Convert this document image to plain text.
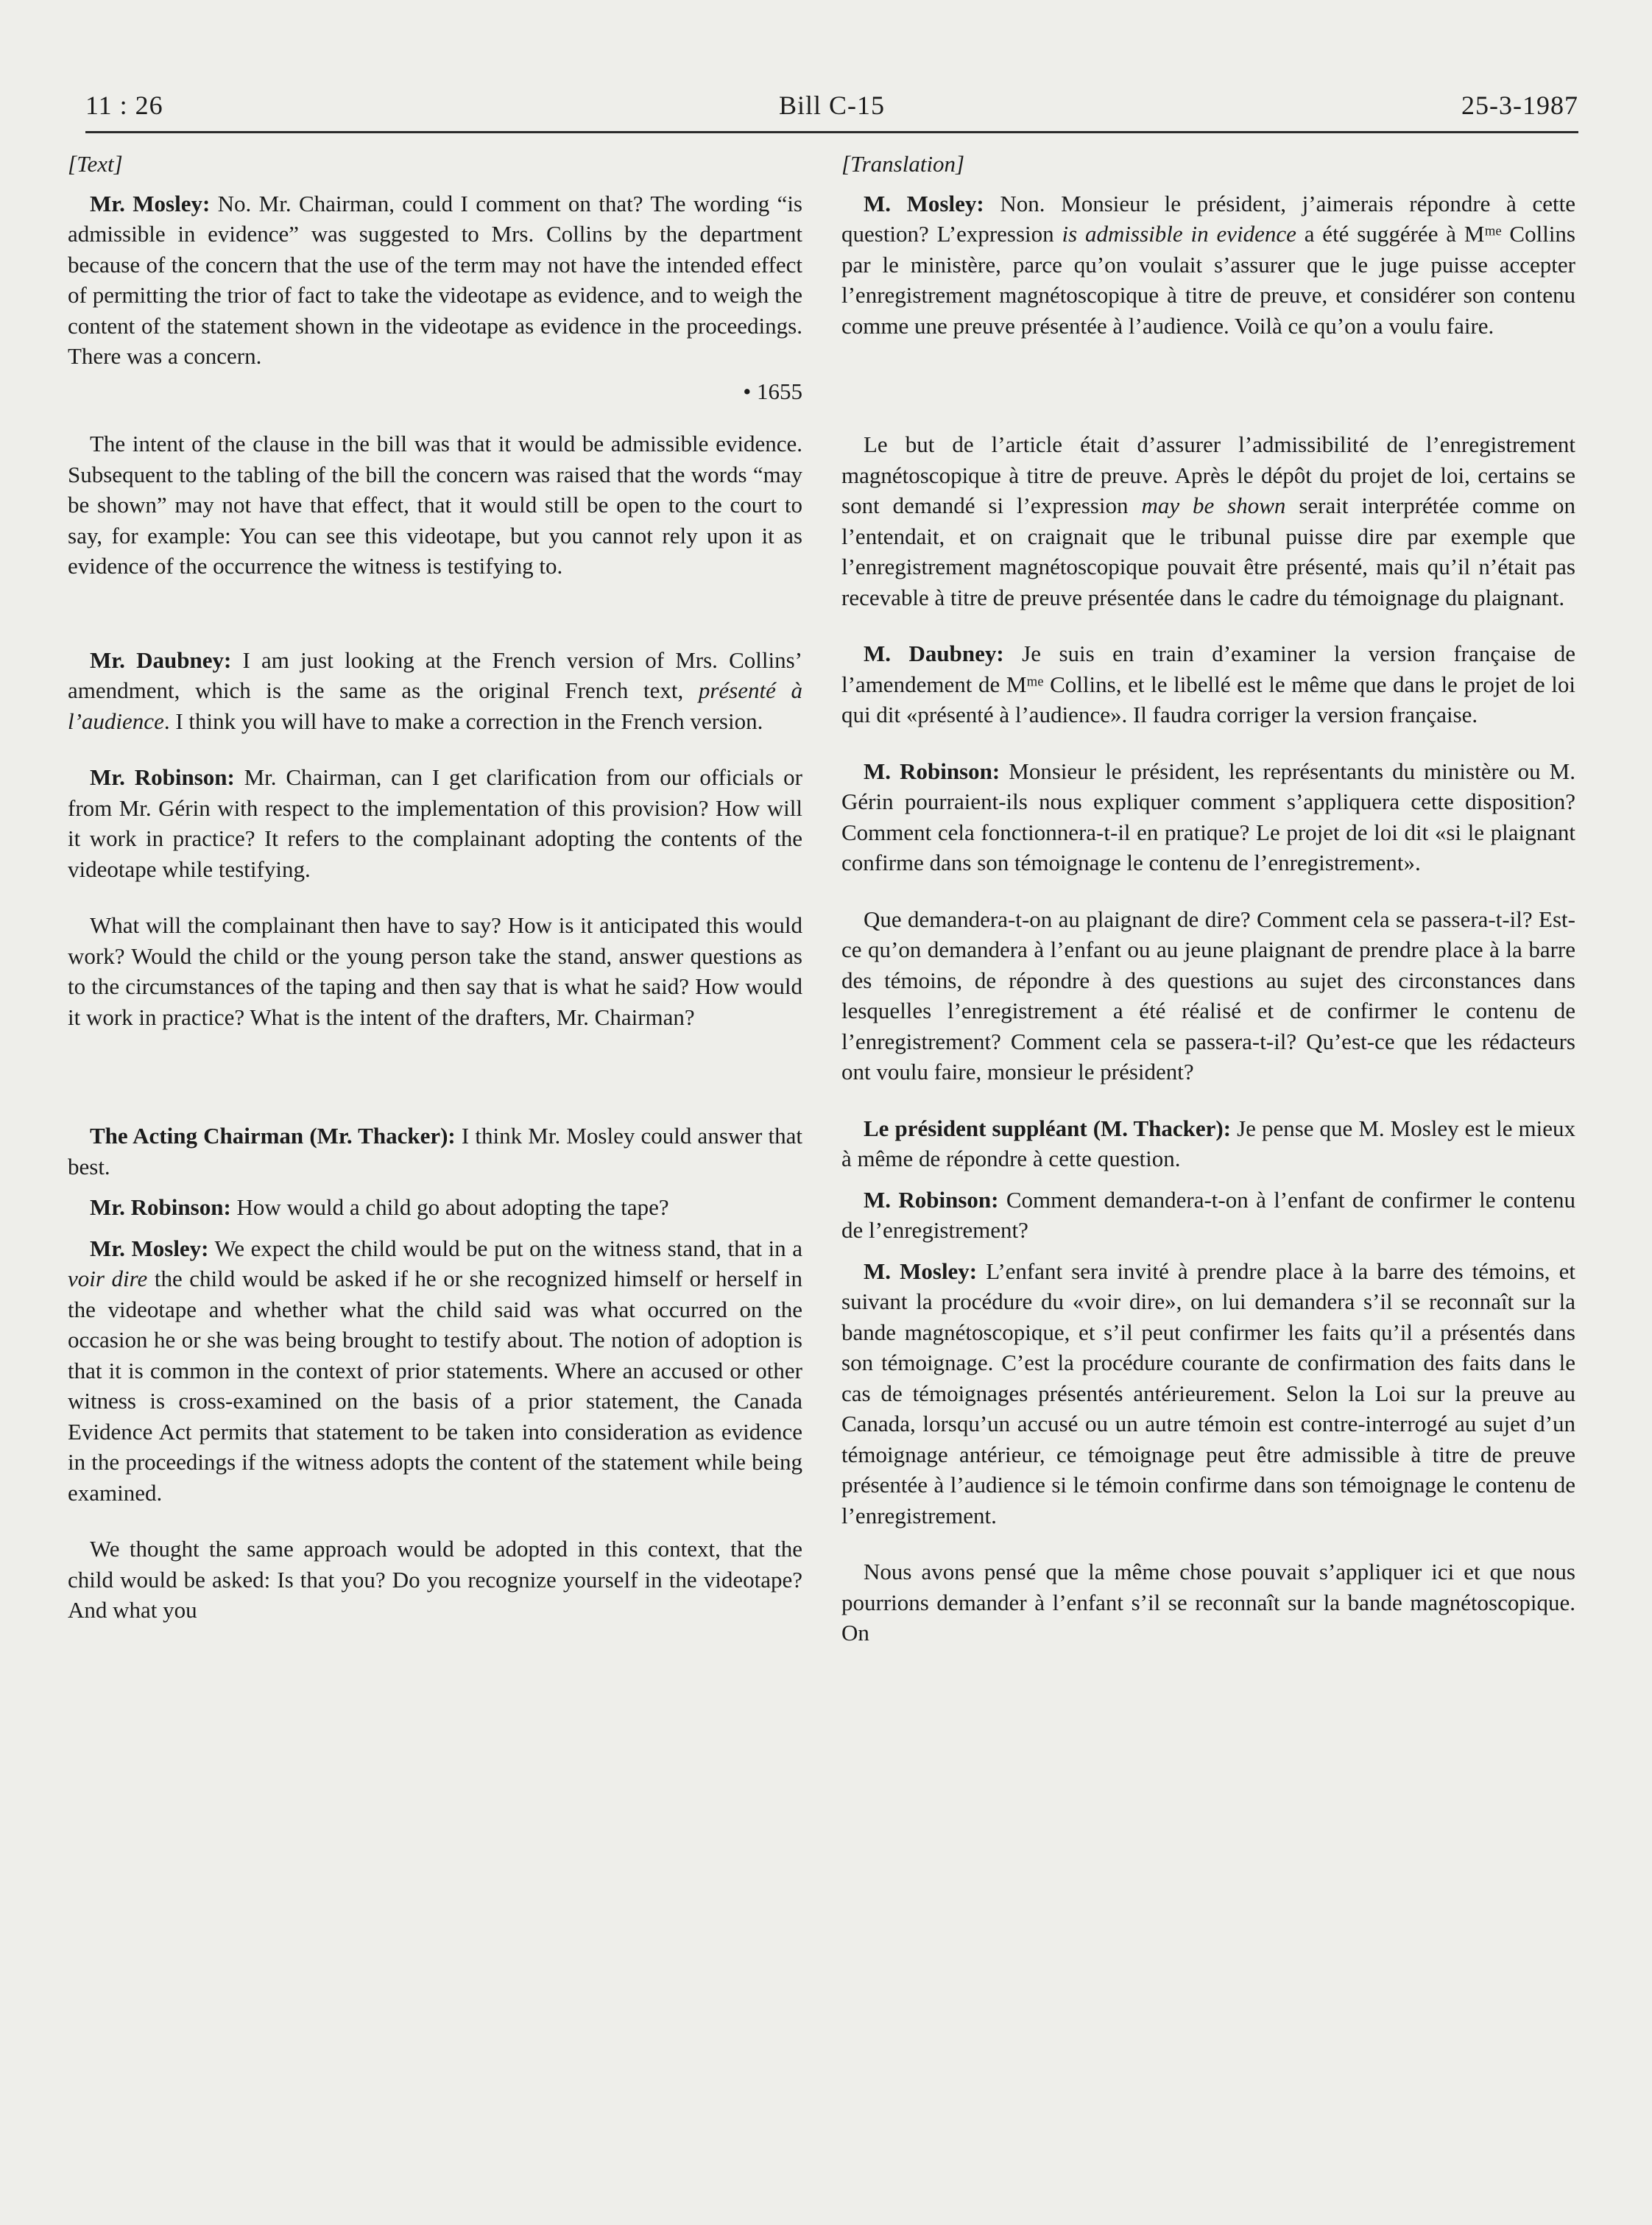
11 : 26	Bill C-15	25-3-1987

[Text]

Mr. Mosley: No. Mr. Chairman, could I comment on that? The wording “is admissible in evidence” was suggested to Mrs. Collins by the department because of the concern that the use of the term may not have the intended effect of permitting the trior of fact to take the videotape as evidence, and to weigh the content of the statement shown in the videotape as evidence in the proceedings. There was a concern.

• 1655

The intent of the clause in the bill was that it would be admissible evidence. Subsequent to the tabling of the bill the concern was raised that the words “may be shown” may not have that effect, that it would still be open to the court to say, for example: You can see this videotape, but you cannot rely upon it as evidence of the occurrence the witness is testifying to.

Mr. Daubney: I am just looking at the French version of Mrs. Collins’ amendment, which is the same as the original French text, présenté à l’audience. I think you will have to make a correction in the French version.

Mr. Robinson: Mr. Chairman, can I get clarification from our officials or from Mr. Gérin with respect to the implementation of this provision? How will it work in practice? It refers to the complainant adopting the contents of the videotape while testifying.

What will the complainant then have to say? How is it anticipated this would work? Would the child or the young person take the stand, answer questions as to the circumstances of the taping and then say that is what he said? How would it work in practice? What is the intent of the drafters, Mr. Chairman?

The Acting Chairman (Mr. Thacker): I think Mr. Mosley could answer that best.

Mr. Robinson: How would a child go about adopting the tape?

Mr. Mosley: We expect the child would be put on the witness stand, that in a voir dire the child would be asked if he or she recognized himself or herself in the videotape and whether what the child said was what occurred on the occasion he or she was being brought to testify about. The notion of adoption is that it is common in the context of prior statements. Where an accused or other witness is cross-examined on the basis of a prior statement, the Canada Evidence Act permits that statement to be taken into consideration as evidence in the proceedings if the witness adopts the content of the statement while being examined.

We thought the same approach would be adopted in this context, that the child would be asked: Is that you? Do you recognize yourself in the videotape? And what you

[Translation]

M. Mosley: Non. Monsieur le président, j’aimerais répondre à cette question? L’expression is admissible in evidence a été suggérée à Mᵐᵉ Collins par le ministère, parce qu’on voulait s’assurer que le juge puisse accepter l’enregistrement magnétoscopique à titre de preuve, et considérer son contenu comme une preuve présentée à l’audience. Voilà ce qu’on a voulu faire.

Le but de l’article était d’assurer l’admissibilité de l’enregistrement magnétoscopique à titre de preuve. Après le dépôt du projet de loi, certains se sont demandé si l’expression may be shown serait interprétée comme on l’entendait, et on craignait que le tribunal puisse dire par exemple que l’enregistrement magnétoscopique pouvait être présenté, mais qu’il n’était pas recevable à titre de preuve présentée dans le cadre du témoignage du plaignant.

M. Daubney: Je suis en train d’examiner la version française de l’amendement de Mᵐᵉ Collins, et le libellé est le même que dans le projet de loi qui dit «présenté à l’audience». Il faudra corriger la version française.

M. Robinson: Monsieur le président, les représentants du ministère ou M. Gérin pourraient-ils nous expliquer comment s’appliquera cette disposition? Comment cela fonctionnera-t-il en pratique? Le projet de loi dit «si le plaignant confirme dans son témoignage le contenu de l’enregistrement».

Que demandera-t-on au plaignant de dire? Comment cela se passera-t-il? Est-ce qu’on demandera à l’enfant ou au jeune plaignant de prendre place à la barre des témoins, de répondre à des questions au sujet des circonstances dans lesquelles l’enregistrement a été réalisé et de confirmer le contenu de l’enregistrement? Comment cela se passera-t-il? Qu’est-ce que les rédacteurs ont voulu faire, monsieur le président?

Le président suppléant (M. Thacker): Je pense que M. Mosley est le mieux à même de répondre à cette question.

M. Robinson: Comment demandera-t-on à l’enfant de confirmer le contenu de l’enregistrement?

M. Mosley: L’enfant sera invité à prendre place à la barre des témoins, et suivant la procédure du «voir dire», on lui demandera s’il se reconnaît sur la bande magnétoscopique, et s’il peut confirmer les faits qu’il a présentés dans son témoignage. C’est la procédure courante de confirmation des faits dans le cas de témoignages présentés antérieurement. Selon la Loi sur la preuve au Canada, lorsqu’un accusé ou un autre témoin est contre-interrogé au sujet d’un témoignage antérieur, ce témoignage peut être admissible à titre de preuve présentée à l’audience si le témoin confirme dans son témoignage le contenu de l’enregistrement.

Nous avons pensé que la même chose pouvait s’appliquer ici et que nous pourrions demander à l’enfant s’il se reconnaît sur la bande magnétoscopique. On
